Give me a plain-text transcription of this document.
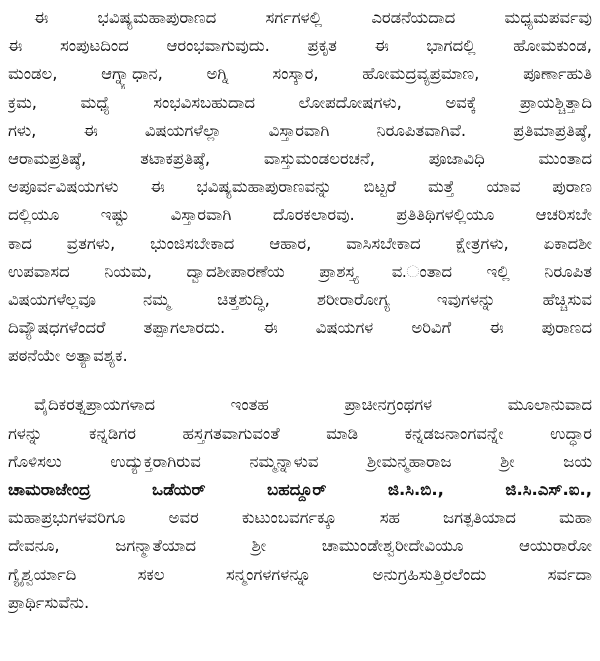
ಈ ಭವಿಷ್ಯಮಹಾಪುರಾಣದ ಸರ್ಗಗಳಲ್ಲಿ ಎರಡನೆಯದಾದ ಮಧ್ಯಮಪರ್ವವು
ಈ ಸಂಪುಟದಿಂದ ಆರಂಭವಾಗುವುದು. ಪ್ರಕೃತ ಈ ಭಾಗದಲ್ಲಿ ಹೋಮಕುಂಡ,
ಮಂಡಲ, ಆಗ್ನ್ಯಾಧಾನ, ಅಗ್ನಿ ಸಂಸ್ಕಾರ, ಹೋಮದ್ರವ್ಯಪ್ರಮಾಣ, ಪೂರ್ಣಾಹುತಿ
ಕ್ರಮ, ಮಧ್ಯೆ ಸಂಭವಿಸಬಹುದಾದ ಲೋಪದೋಷಗಳು, ಅವಕ್ಕೆ ಪ್ರಾಯಶ್ಚಿತ್ತಾದಿ
ಗಳು, ಈ ವಿಷಯಗಳೆಲ್ಲಾ ವಿಸ್ತಾರವಾಗಿ ನಿರೂಪಿತವಾಗಿವೆ. ಪ್ರತಿಮಾಪ್ರತಿಷ್ಠೆ,
ಆರಾಮಪ್ರತಿಷ್ಠೆ, ತಟಾಕಪ್ರತಿಷ್ಠೆ, ವಾಸ್ತುಮಂಡಲರಚನೆ, ಪೂಜಾವಿಧಿ ಮುಂತಾದ
ಅಪೂರ್ವವಿಷಯಗಳು ಈ ಭವಿಷ್ಯಮಹಾಪುರಾಣವನ್ನು ಬಿಟ್ಟರೆ ಮತ್ತೆ ಯಾವ ಪುರಾಣ
ದಲ್ಲಿಯೂ ಇಷ್ಟು ವಿಸ್ತಾರವಾಗಿ ದೊರಕಲಾರವು. ಪ್ರತಿತಿಥಿಗಳಲ್ಲಿಯೂ ಆಚರಿಸಬೇ
ಕಾದ ವ್ರತಗಳು, ಭುಂಜಿಸಬೇಕಾದ ಆಹಾರ, ವಾಸಿಸಬೇಕಾದ ಕ್ಷೇತ್ರಗಳು, ಏಕಾದಶೀ
ಉಪವಾಸದ ನಿಯಮ, ದ್ವಾದಶೀಪಾರಣೆಯ ಪ್ರಾಶಸ್ತ್ಯ ವ.ಂತಾದ ಇಲ್ಲಿ ನಿರೂಪಿತ
ವಿಷಯಗಳೆಲ್ಲವೂ ನಮ್ಮ ಚಿತ್ತಶುದ್ಧಿ, ಶರೀರಾರೋಗ್ಯ ಇವುಗಳನ್ನು ಹೆಚ್ಚಿಸುವ
ದಿವ್ಯೌಷಧಗಳೆಂದರೆ ತಪ್ಪಾಗಲಾರದು. ಈ ವಿಷಯಗಳ ಅರಿವಿಗೆ ಈ ಪುರಾಣದ
ಪಠನೆಯೇ ಅತ್ಯಾವಶ್ಯಕ.
ವೈದಿಕರತ್ನಪ್ರಾಯಗಳಾದ ಇಂತಹ ಪ್ರಾಚೀನಗ್ರಂಥಗಳ ಮೂಲಾನುವಾದ
ಗಳನ್ನು ಕನ್ನಡಿಗರ ಹಸ್ತಗತವಾಗುವಂತೆ ಮಾಡಿ ಕನ್ನಡಜನಾಂಗವನ್ನೇ ಉದ್ಧಾರ
ಗೊಳಿಸಲು ಉದ್ಯುಕ್ತರಾಗಿರುವ ನಮ್ಮನ್ನಾಳುವ ಶ್ರೀಮನ್ಮಹಾರಾಜ ಶ್ರೀ ಜಯ
ಚಾಮರಾಜೇಂದ್ರ ಒಡೆಯರ್ ಬಹದ್ದೂರ್ ಜಿ.ಸಿ.ಬಿ., ಜಿ.ಸಿ.ಎಸ್.ಐ.,
ಮಹಾಪ್ರಭುಗಳವರಿಗೂ ಅವರ ಕುಟುಂಬವರ್ಗಕ್ಕೂ ಸಹ ಜಗತ್ಪತಿಯಾದ ಮಹಾ
ದೇವನೂ, ಜಗನ್ಮಾತೆಯಾದ ಶ್ರೀ ಚಾಮುಂಡೇಶ್ವರೀದೇವಿಯೂ ಆಯುರಾರೋ
ಗ್ಯೈಶ್ವರ್ಯಾದಿ ಸಕಲ ಸನ್ಮಂಗಳಗಳನ್ನೂ ಅನುಗ್ರಹಿಸುತ್ತಿರಲೆಂದು ಸರ್ವದಾ
ಪ್ರಾರ್ಥಿಸುವೆನು.
